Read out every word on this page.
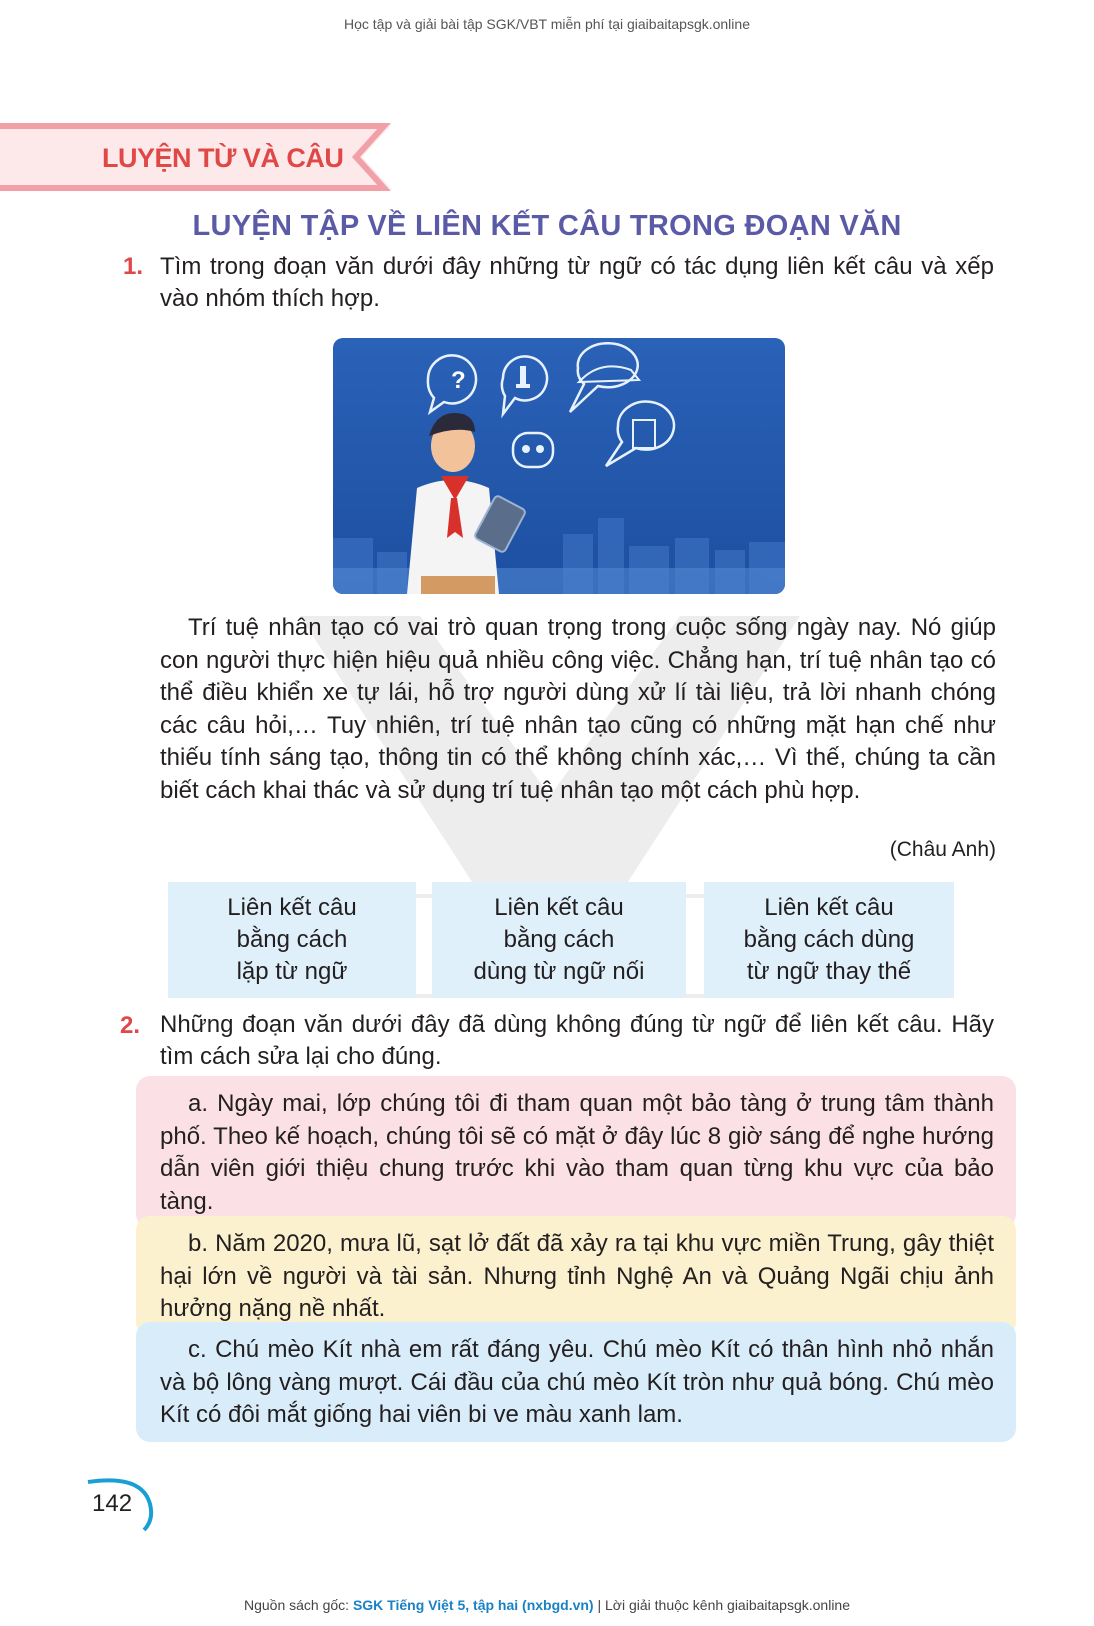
Học tập và giải bài tập SGK/VBT miễn phí tại giaibaitapsgk.online
LUYỆN TỪ VÀ CÂU
LUYỆN TẬP VỀ LIÊN KẾT CÂU TRONG ĐOẠN VĂN
1. Tìm trong đoạn văn dưới đây những từ ngữ có tác dụng liên kết câu và xếp vào nhóm thích hợp.
?

Trí tuệ nhân tạo có vai trò quan trọng trong cuộc sống ngày nay. Nó giúp con người thực hiện hiệu quả nhiều công việc. Chẳng hạn, trí tuệ nhân tạo có thể điều khiển xe tự lái, hỗ trợ người dùng xử lí tài liệu, trả lời nhanh chóng các câu hỏi,… Tuy nhiên, trí tuệ nhân tạo cũng có những mặt hạn chế như thiếu tính sáng tạo, thông tin có thể không chính xác,… Vì thế, chúng ta cần biết cách khai thác và sử dụng trí tuệ nhân tạo một cách phù hợp.

(Châu Anh)
Liên kết câu
bằng cách
lặp từ ngữ
Liên kết câu
bằng cách
dùng từ ngữ nối
Liên kết câu
bằng cách dùng
từ ngữ thay thế
2. Những đoạn văn dưới đây đã dùng không đúng từ ngữ để liên kết câu. Hãy tìm cách sửa lại cho đúng.

a. Ngày mai, lớp chúng tôi đi tham quan một bảo tàng ở trung tâm thành phố. Theo kế hoạch, chúng tôi sẽ có mặt ở đây lúc 8 giờ sáng để nghe hướng dẫn viên giới thiệu chung trước khi vào tham quan từng khu vực của bảo tàng.

b. Năm 2020, mưa lũ, sạt lở đất đã xảy ra tại khu vực miền Trung, gây thiệt hại lớn về người và tài sản. Nhưng tỉnh Nghệ An và Quảng Ngãi chịu ảnh hưởng nặng nề nhất.

c. Chú mèo Kít nhà em rất đáng yêu. Chú mèo Kít có thân hình nhỏ nhắn và bộ lông vàng mượt. Cái đầu của chú mèo Kít tròn như quả bóng. Chú mèo Kít có đôi mắt giống hai viên bi ve màu xanh lam.

142
Nguồn sách gốc: SGK Tiếng Việt 5, tập hai (nxbgd.vn) | Lời giải thuộc kênh giaibaitapsgk.online
